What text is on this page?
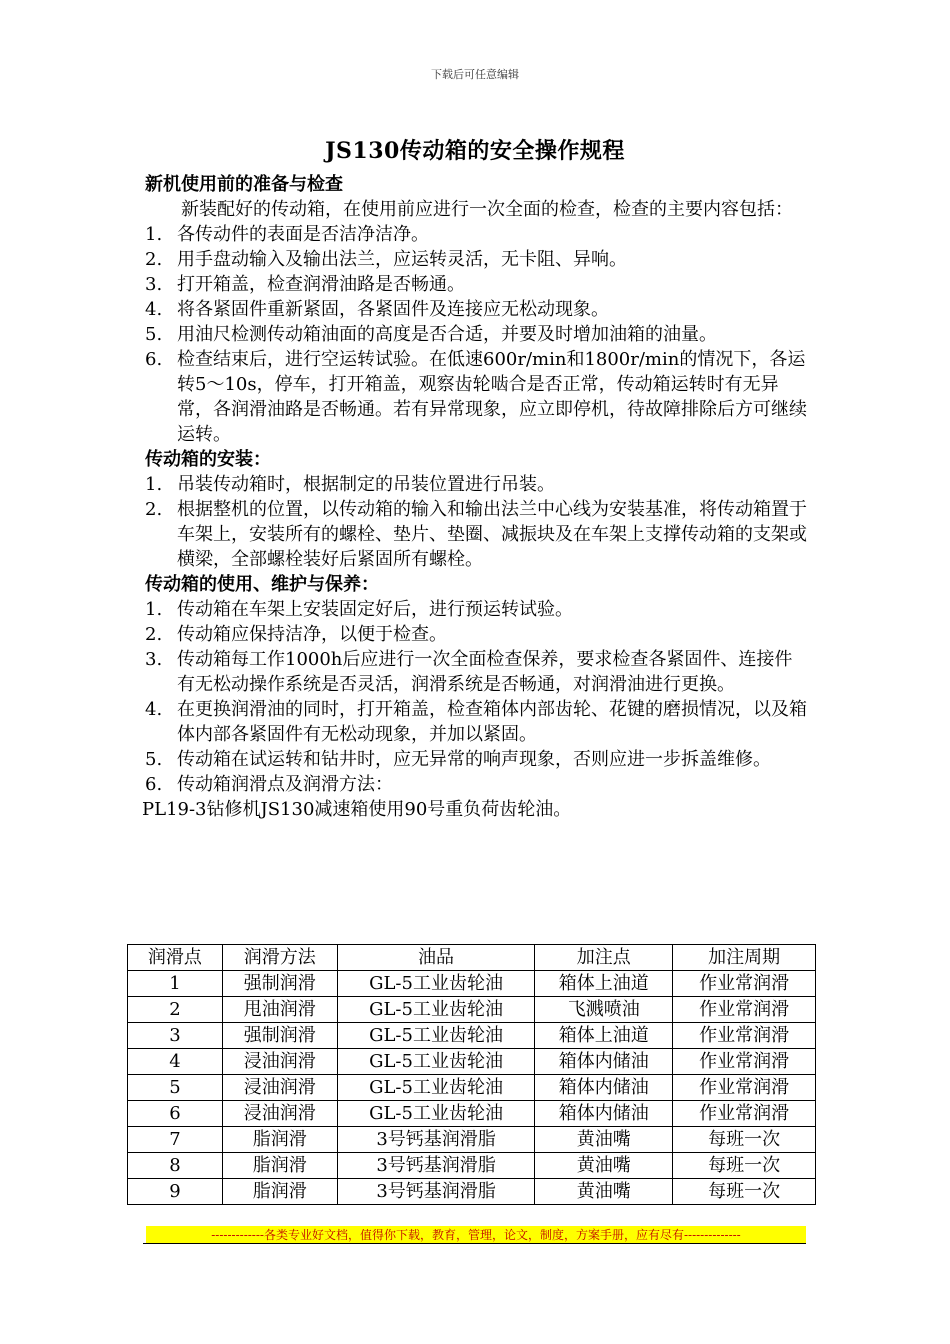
下载后可任意编辑
JS130传动箱的安全操作规程
新机使用前的准备与检查

新装配好的传动箱，在使用前应进行一次全面的检查，检查的主要内容包括：

1. 各传动件的表面是否洁净洁净。
2. 用手盘动输入及输出法兰，应运转灵活，无卡阻、异响。
3. 打开箱盖，检查润滑油路是否畅通。
4. 将各紧固件重新紧固，各紧固件及连接应无松动现象。
5. 用油尺检测传动箱油面的高度是否合适，并要及时增加油箱的油量。
6. 检查结束后，进行空运转试验。在低速600r/min和1800r/min的情况下，各运转5～10s，停车，打开箱盖，观察齿轮啮合是否正常，传动箱运转时有无异常，各润滑油路是否畅通。若有异常现象，应立即停机，待故障排除后方可继续运转。
传动箱的安装：
1. 吊装传动箱时，根据制定的吊装位置进行吊装。
2. 根据整机的位置，以传动箱的输入和输出法兰中心线为安装基准，将传动箱置于车架上，安装所有的螺栓、垫片、垫圈、减振块及在车架上支撑传动箱的支架或横梁，全部螺栓装好后紧固所有螺栓。
传动箱的使用、维护与保养：
1. 传动箱在车架上安装固定好后，进行预运转试验。
2. 传动箱应保持洁净，以便于检查。
3. 传动箱每工作1000h后应进行一次全面检查保养，要求检查各紧固件、连接件有无松动操作系统是否灵活，润滑系统是否畅通，对润滑油进行更换。
4. 在更换润滑油的同时，打开箱盖，检查箱体内部齿轮、花键的磨损情况，以及箱体内部各紧固件有无松动现象，并加以紧固。
5. 传动箱在试运转和钻井时，应无异常的响声现象，否则应进一步拆盖维修。
6. 传动箱润滑点及润滑方法：

PL19-3钻修机JS130减速箱使用90号重负荷齿轮油。

润滑点	润滑方法	油品	加注点	加注周期
1	强制润滑	GL-5工业齿轮油	箱体上油道	作业常润滑
2	甩油润滑	GL-5工业齿轮油	飞溅喷油	作业常润滑
3	强制润滑	GL-5工业齿轮油	箱体上油道	作业常润滑
4	浸油润滑	GL-5工业齿轮油	箱体内储油	作业常润滑
5	浸油润滑	GL-5工业齿轮油	箱体内储油	作业常润滑
6	浸油润滑	GL-5工业齿轮油	箱体内储油	作业常润滑
7	脂润滑	3号钙基润滑脂	黄油嘴	每班一次
8	脂润滑	3号钙基润滑脂	黄油嘴	每班一次
9	脂润滑	3号钙基润滑脂	黄油嘴	每班一次
-------------各类专业好文档，值得你下载，教育，管理，论文，制度，方案手册，应有尽有--------------
